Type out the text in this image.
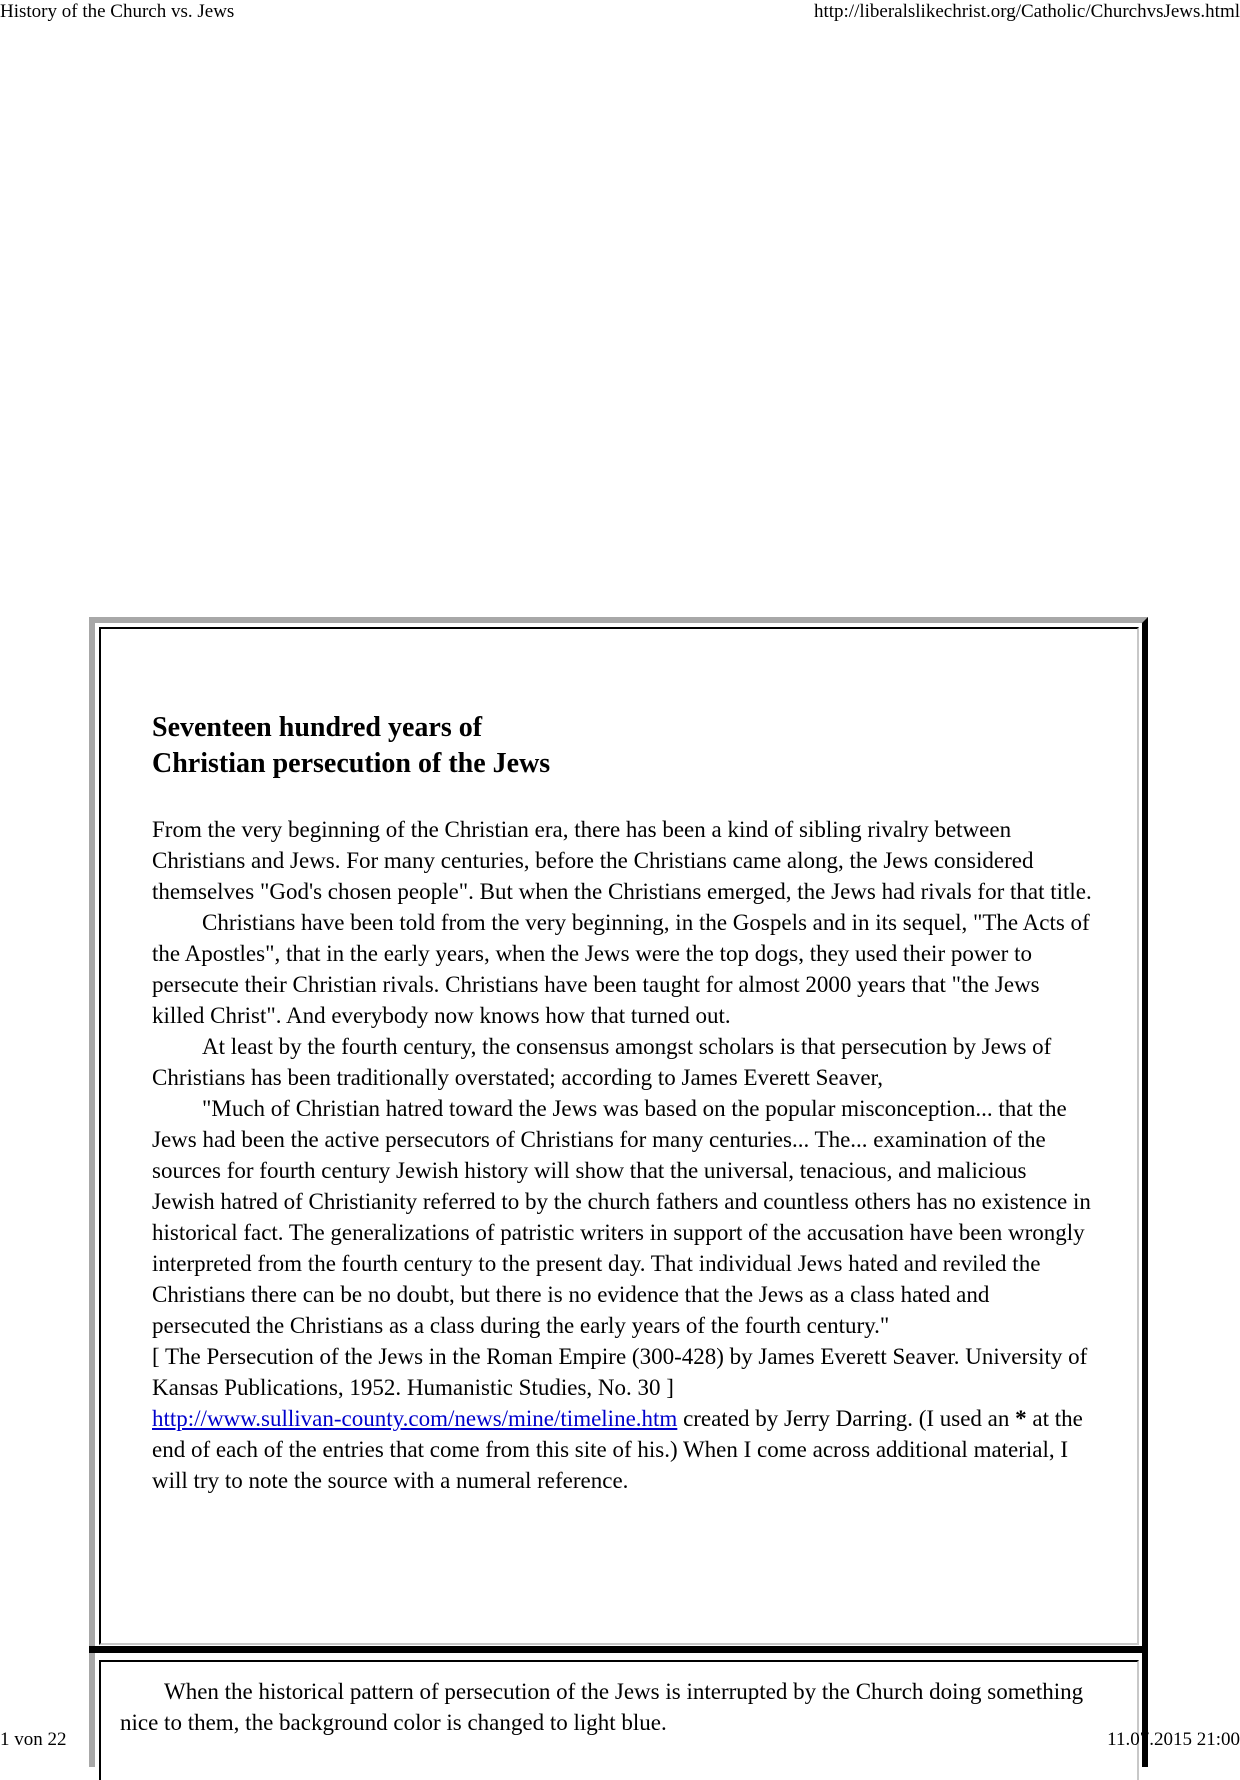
History of the Church vs. Jews	http://liberalslikechrist.org/Catholic/ChurchvsJews.html
Seventeen hundred years of
Christian persecution of the Jews

From the very beginning of the Christian era, there has been a kind of sibling rivalry between Christians and Jews. For many centuries, before the Christians came along, the Jews considered themselves "God's chosen people". But when the Christians emerged, the Jews had rivals for that title.

Christians have been told from the very beginning, in the Gospels and in its sequel, "The Acts of the Apostles", that in the early years, when the Jews were the top dogs, they used their power to persecute their Christian rivals. Christians have been taught for almost 2000 years that "the Jews killed Christ". And everybody now knows how that turned out.

At least by the fourth century, the consensus amongst scholars is that persecution by Jews of Christians has been traditionally overstated; according to James Everett Seaver,

"Much of Christian hatred toward the Jews was based on the popular misconception... that the Jews had been the active persecutors of Christians for many centuries... The... examination of the sources for fourth century Jewish history will show that the universal, tenacious, and malicious Jewish hatred of Christianity referred to by the church fathers and countless others has no existence in historical fact. The generalizations of patristic writers in support of the accusation have been wrongly interpreted from the fourth century to the present day. That individual Jews hated and reviled the Christians there can be no doubt, but there is no evidence that the Jews as a class hated and persecuted the Christians as a class during the early years of the fourth century."

[ The Persecution of the Jews in the Roman Empire (300-428) by James Everett Seaver. University of Kansas Publications, 1952. Humanistic Studies, No. 30 ]

http://www.sullivan-county.com/news/mine/timeline.htm created by Jerry Darring. (I used an * at the end of each of the entries that come from this site of his.) When I come across additional material, I will try to note the source with a numeral reference.

When the historical pattern of persecution of the Jews is interrupted by the Church doing something nice to them, the background color is changed to light blue.

1 von 22	11.07.2015 21:00
